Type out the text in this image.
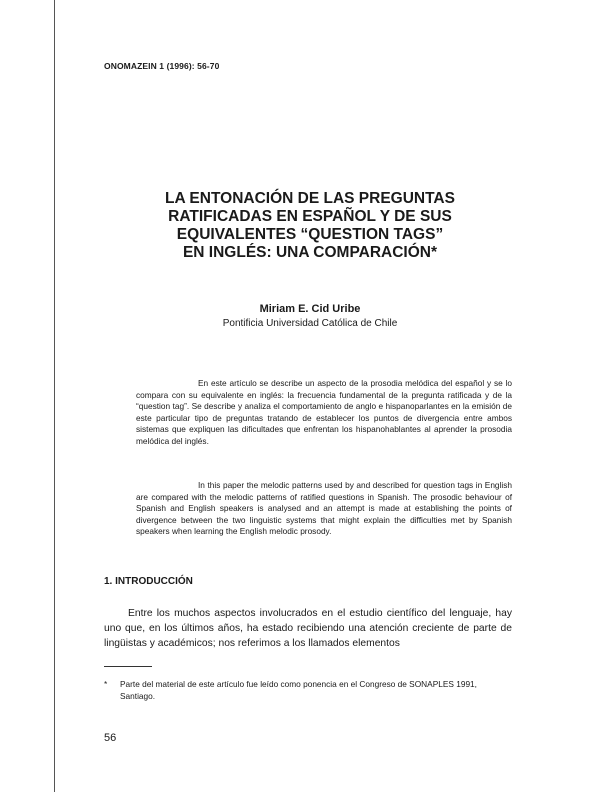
ONOMAZEIN 1 (1996): 56-70
LA ENTONACIÓN DE LAS PREGUNTAS
RATIFICADAS EN ESPAÑOL Y DE SUS
EQUIVALENTES “QUESTION TAGS”
EN INGLÉS: UNA COMPARACIÓN*
Miriam E. Cid Uribe
Pontificia Universidad Católica de Chile

En este artículo se describe un aspecto de la prosodia melódica del español y se lo compara con su equivalente en inglés: la frecuencia fundamental de la pregunta ratificada y de la “question tag”. Se describe y analiza el comportamiento de anglo e hispanoparlantes en la emisión de este particular tipo de preguntas tratando de establecer los puntos de divergencia entre ambos sistemas que expliquen las dificultades que enfrentan los hispanohablantes al aprender la prosodia melódica del inglés.

In this paper the melodic patterns used by and described for question tags in English are compared with the melodic patterns of ratified questions in Spanish. The prosodic behaviour of Spanish and English speakers is analysed and an attempt is made at establishing the points of divergence between the two linguistic systems that might explain the difficulties met by Spanish speakers when learning the English melodic prosody.

1. INTRODUCCIÓN

Entre los muchos aspectos involucrados en el estudio científico del lenguaje, hay uno que, en los últimos años, ha estado recibiendo una atención creciente de parte de lingüistas y académicos; nos referimos a los llamados elementos

* Parte del material de este artículo fue leído como ponencia en el Congreso de SONAPLES 1991, Santiago.
56
